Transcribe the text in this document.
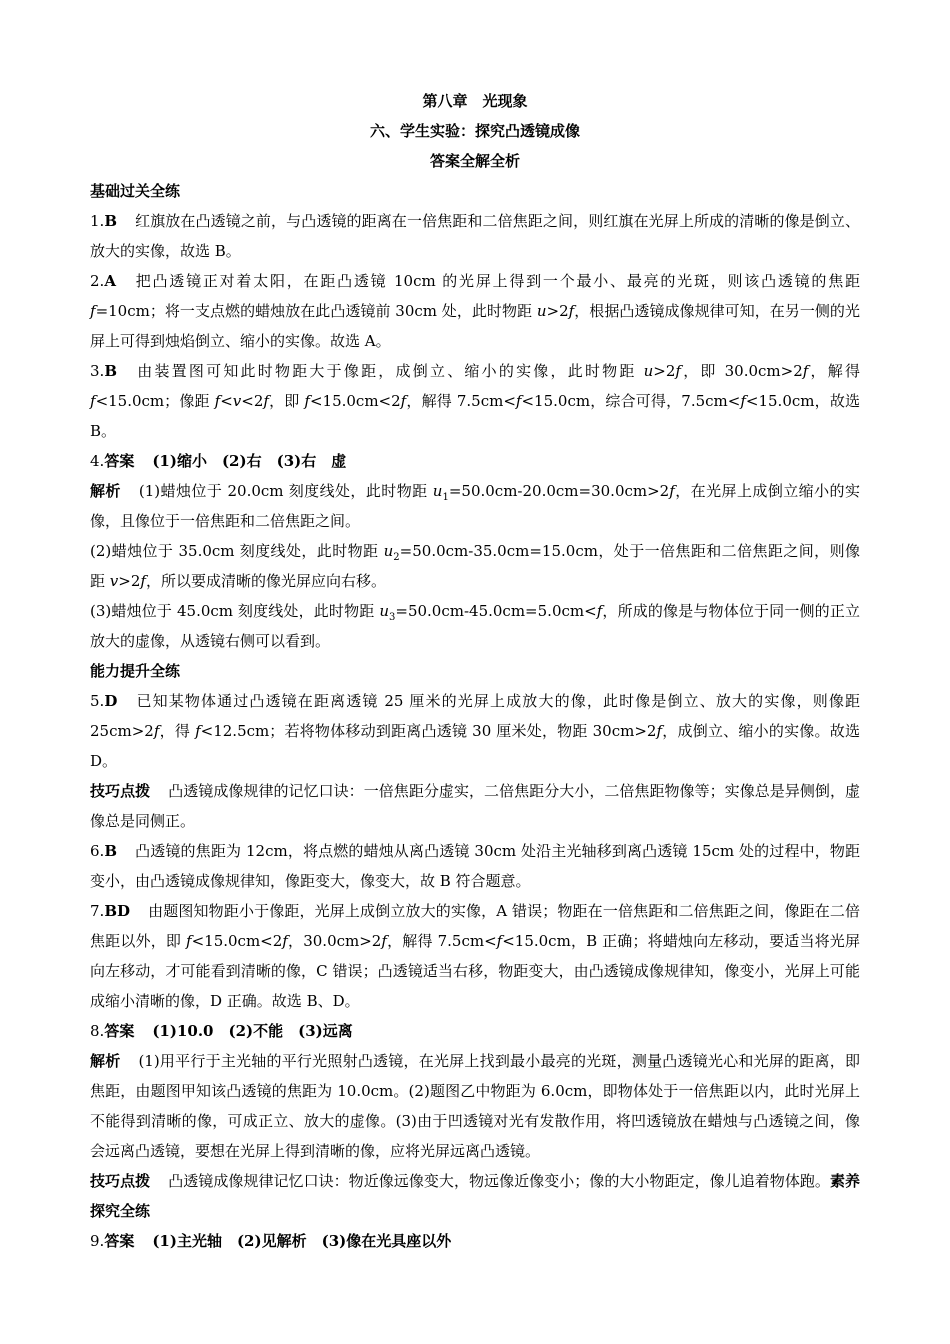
第八章　光现象

六、学生实验：探究凸透镜成像

答案全解全析

基础过关全练

1.B 红旗放在凸透镜之前，与凸透镜的距离在一倍焦距和二倍焦距之间，则红旗在光屏上所成的清晰的像是倒立、放大的实像，故选 B。

2.A 把凸透镜正对着太阳，在距凸透镜 10cm 的光屏上得到一个最小、最亮的光斑，则该凸透镜的焦距 f=10cm；将一支点燃的蜡烛放在此凸透镜前 30cm 处，此时物距 u>2f，根据凸透镜成像规律可知，在另一侧的光屏上可得到烛焰倒立、缩小的实像。故选 A。

3.B 由装置图可知此时物距大于像距，成倒立、缩小的实像，此时物距 u>2f，即 30.0cm>2f，解得 f<15.0cm；像距 f<v<2f，即 f<15.0cm<2f，解得 7.5cm<f<15.0cm，综合可得，7.5cm<f<15.0cm，故选 B。

4.答案 (1)缩小　(2)右　(3)右　虚

解析 (1)蜡烛位于 20.0cm 刻度线处，此时物距 $u_1=50.0cm-20.0cm=30.0cm>2f$，在光屏上成倒立缩小的实像，且像位于一倍焦距和二倍焦距之间。

(2)蜡烛位于 35.0cm 刻度线处，此时物距 $u_2=50.0cm-35.0cm=15.0cm$，处于一倍焦距和二倍焦距之间，则像距 v>2f，所以要成清晰的像光屏应向右移。

(3)蜡烛位于 45.0cm 刻度线处，此时物距 $u_3=50.0cm-45.0cm=5.0cm<f$，所成的像是与物体位于同一侧的正立放大的虚像，从透镜右侧可以看到。

能力提升全练

5.D 已知某物体通过凸透镜在距离透镜 25 厘米的光屏上成放大的像，此时像是倒立、放大的实像，则像距 25cm>2f，得 f<12.5cm；若将物体移动到距离凸透镜 30 厘米处，物距 30cm>2f，成倒立、缩小的实像。故选 D。

技巧点拨 凸透镜成像规律的记忆口诀：一倍焦距分虚实，二倍焦距分大小，二倍焦距物像等；实像总是异侧倒，虚像总是同侧正。

6.B 凸透镜的焦距为 12cm，将点燃的蜡烛从离凸透镜 30cm 处沿主光轴移到离凸透镜 15cm 处的过程中，物距变小，由凸透镜成像规律知，像距变大，像变大，故 B 符合题意。

7.BD 由题图知物距小于像距，光屏上成倒立放大的实像，A 错误；物距在一倍焦距和二倍焦距之间，像距在二倍焦距以外，即 f<15.0cm<2f，30.0cm>2f，解得 7.5cm<f<15.0cm，B 正确；将蜡烛向左移动，要适当将光屏向左移动，才可能看到清晰的像，C 错误；凸透镜适当右移，物距变大，由凸透镜成像规律知，像变小，光屏上可能成缩小清晰的像，D 正确。故选 B、D。

8.答案 (1)10.0　(2)不能　(3)远离

解析 (1)用平行于主光轴的平行光照射凸透镜，在光屏上找到最小最亮的光斑，测量凸透镜光心和光屏的距离，即焦距，由题图甲知该凸透镜的焦距为 10.0cm。(2)题图乙中物距为 6.0cm，即物体处于一倍焦距以内，此时光屏上不能得到清晰的像，可成正立、放大的虚像。(3)由于凹透镜对光有发散作用，将凹透镜放在蜡烛与凸透镜之间，像会远离凸透镜，要想在光屏上得到清晰的像，应将光屏远离凸透镜。

技巧点拨 凸透镜成像规律记忆口诀：物近像远像变大，物远像近像变小；像的大小物距定，像儿追着物体跑。素养探究全练

9.答案 (1)主光轴　(2)见解析　(3)像在光具座以外
